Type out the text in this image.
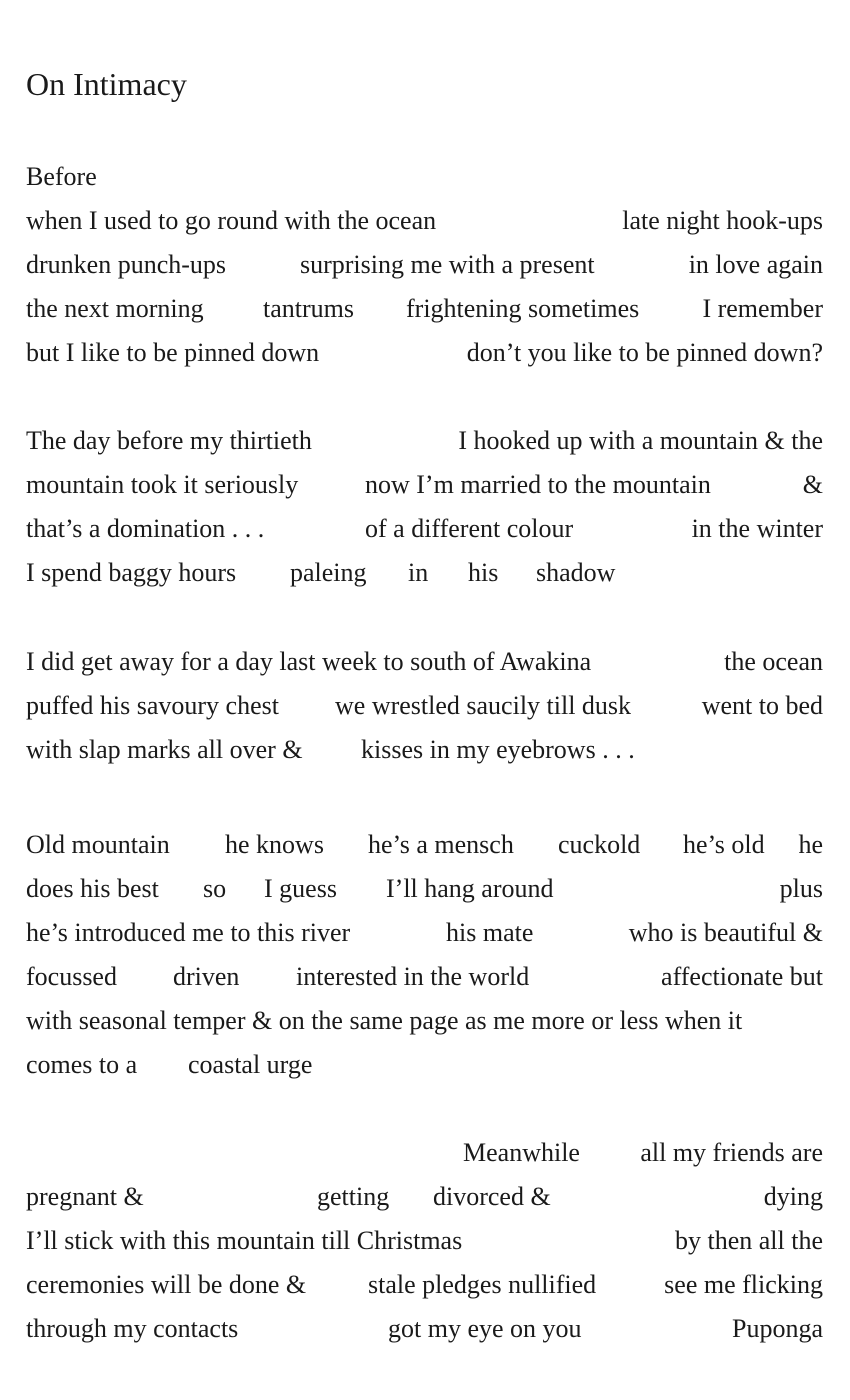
On Intimacy
Before
when I used to go round with the ocean	late night hook-ups
drunken punch-ups	surprising me with a present	in love again
the next morning tantrums frightening sometimes I remember
but I like to be pinned down	don’t you like to be pinned down?
The day before my thirtieth	I hooked up with a mountain & the
mountain took it seriously	now I’m married to the mountain	&
that’s a domination . . .	of a different colour	in the winter
I spend baggy hours paleing in his shadow
I did get away for a day last week to south of Awakina	the ocean
puffed his savoury chest we wrestled saucily till dusk	went to bed
with slap marks all over & kisses in my eyebrows . . .
Old mountain he knows he’s a mensch cuckold he’s old he
does his best so I guess I’ll hang around	plus
he’s introduced me to this river	his mate	who is beautiful &
focussed driven interested in the world	affectionate but
with seasonal temper & on the same page as me more or less when it
comes to a coastal urge
Meanwhile all my friends are
pregnant &	getting divorced &	dying
I’ll stick with this mountain till Christmas	by then all the
ceremonies will be done & stale pledges nullified	see me flicking
through my contacts	got my eye on you	Puponga
